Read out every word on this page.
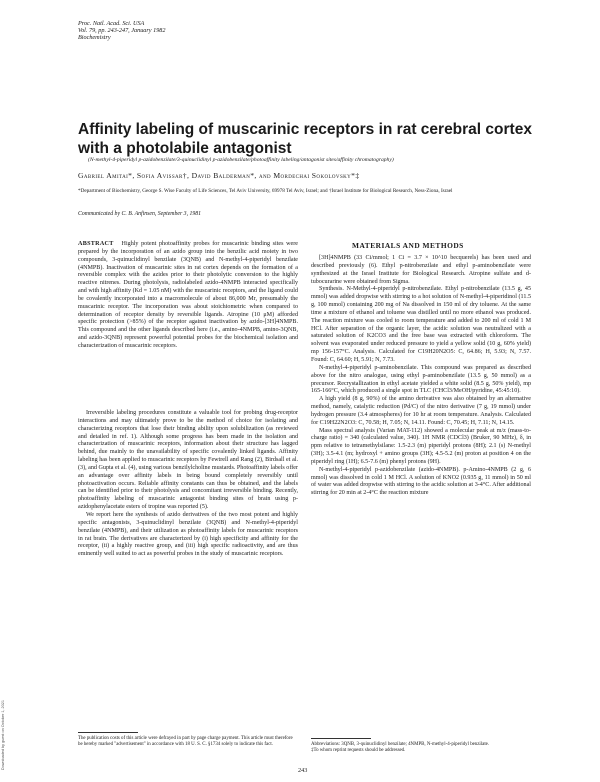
Proc. Natl. Acad. Sci. USA
Vol. 79, pp. 243-247, January 1982
Biochemistry
Affinity labeling of muscarinic receptors in rat cerebral cortex with a photolabile antagonist
(N-methyl-4-piperidyl p-azidobenzilate/3-quinuclidinyl p-azidobenzilate/photoaffinity labeling/antagonist sites/affinity chromatography)
Gabriel Amitai*, Sofia Avissar†, David Balderman*, and Mordechai Sokolovsky*‡
*Department of Biochemistry, George S. Wise Faculty of Life Sciences, Tel Aviv University, 69978 Tel Aviv, Israel; and †Israel Institute for Biological Research, Ness-Ziona, Israel
Communicated by C. B. Anfinsen, September 3, 1981

ABSTRACT Highly potent photoaffinity probes for muscarinic binding sites were prepared by the incorporation of an azido group into the benzilic acid moiety in two compounds, 3-quinuclidinyl benzilate (3QNB) and N-methyl-4-piperidyl benzilate (4NMPB). Inactivation of muscarinic sites in rat cortex depends on the formation of a reversible complex with the azides prior to their photolytic conversion to the highly reactive nitrenes. During photolysis, radiolabeled azido-4NMPB interacted specifically and with high affinity (Kd = 1.05 nM) with the muscarinic receptors, and the ligand could be covalently incorporated into a macromolecule of about 86,000 Mr, presumably the muscarinic receptor. The incorporation was about stoichiometric when compared to determination of receptor density by reversible ligands. Atropine (10 μM) afforded specific protection (>85%) of the receptor against inactivation by azido-[3H]4NMPB. This compound and the other ligands described here (i.e., amino-4NMPB, amino-3QNB, and azido-3QNB) represent powerful potential probes for the biochemical isolation and characterization of muscarinic receptors.

Irreversible labeling procedures constitute a valuable tool for probing drug-receptor interactions and may ultimately prove to be the method of choice for isolating and characterizing receptors that lose their binding ability upon solubilization (as reviewed and detailed in ref. 1). Although some progress has been made in the isolation and characterization of muscarinic receptors, information about their structure has lagged behind, due mainly to the unavailability of specific covalently linked ligands. Affinity labeling has been applied to muscarinic receptors by Fewtrell and Rang (2), Birdsall et al. (3), and Gupta et al. (4), using various benzilylcholine mustards. Photoaffinity labels offer an advantage over affinity labels in being bound completely reversibly until photoactivation occurs. Reliable affinity constants can thus be obtained, and the labels can be identified prior to their photolysis and concomitant irreversible binding. Recently, photoaffinity labeling of muscarinic antagonist binding sites of brain using p-azidophenylacetate esters of tropine was reported (5).

We report here the synthesis of azido derivatives of the two most potent and highly specific antagonists, 3-quinuclidinyl benzilate (3QNB) and N-methyl-4-piperidyl benzilate (4NMPB), and their utilization as photoaffinity labels for muscarinic receptors in rat brain. The derivatives are characterized by (i) high specificity and affinity for the receptor, (ii) a highly reactive group, and (iii) high specific radioactivity, and are thus eminently well suited to act as powerful probes in the study of muscarinic receptors.

The publication costs of this article were defrayed in part by page charge payment. This article must therefore be hereby marked "advertisement" in accordance with 18 U. S. C. §1734 solely to indicate this fact.
MATERIALS AND METHODS

[3H]4NMPB (33 Ci/mmol; 1 Ci = 3.7 × 10^10 becquerels) has been used and described previously (6). Ethyl p-nitrobenzilate and ethyl p-aminobenzilate were synthesized at the Israel Institute for Biological Research. Atropine sulfate and d-tubocurarine were obtained from Sigma.

Synthesis. N-Methyl-4-piperidyl p-nitrobenzilate. Ethyl p-nitrobenzilate (13.5 g, 45 mmol) was added dropwise with stirring to a hot solution of N-methyl-4-piperidinol (11.5 g, 100 mmol) containing 200 mg of Na dissolved in 150 ml of dry toluene. At the same time a mixture of ethanol and toluene was distilled until no more ethanol was produced. The reaction mixture was cooled to room temperature and added to 200 ml of cold 1 M HCl. After separation of the organic layer, the acidic solution was neutralized with a saturated solution of K2CO3 and the free base was extracted with chloroform. The solvent was evaporated under reduced pressure to yield a yellow solid (10 g, 60% yield) mp 156-157°C. Analysis. Calculated for C19H20N2O5: C, 64.86; H, 5.93; N, 7.57. Found: C, 64.60; H, 5.91; N, 7.73.

N-methyl-4-piperidyl p-aminobenzilate. This compound was prepared as described above for the nitro analogue, using ethyl p-aminobenzilate (13.5 g, 50 mmol) as a precursor. Recrystallization in ethyl acetate yielded a white solid (8.5 g, 50% yield), mp 165-166°C, which produced a single spot in TLC (CHCl3/MeOH/pyridine, 45:45:10).

A high yield (8 g, 90%) of the amino derivative was also obtained by an alternative method, namely, catalytic reduction (Pd/C) of the nitro derivative (7 g, 19 mmol) under hydrogen pressure (3.4 atmospheres) for 10 hr at room temperature. Analysis. Calculated for C19H22N2O3: C, 70.58; H, 7.05; N, 14.11. Found: C, 70.45; H, 7.11; N, 14.15.

Mass spectral analysis (Varian MAT-112) showed a molecular peak at m/z (mass-to-charge ratio) = 340 (calculated value, 340). 1H NMR (CDCl3) (Bruker, 90 MHz), δ, in ppm relative to tetramethylsilane: 1.5-2.3 (m) piperidyl protons (8H); 2.1 (s) N-methyl (3H); 3.5-4.1 (m; hydroxyl + amino groups (3H); 4.5-5.2 (m) proton at position 4 on the piperidyl ring (1H); 6.5-7.6 (m) phenyl protons (9H).

N-methyl-4-piperidyl p-azidobenzilate (azido-4NMPB). p-Amino-4NMPB (2 g, 6 mmol) was dissolved in cold 1 M HCl. A solution of KNO2 (0.935 g, 11 mmol) in 50 ml of water was added dropwise with stirring to the acidic solution at 3-4°C. After additional stirring for 20 min at 2-4°C the reaction mixture

Abbreviations: 3QNB, 3-quinuclidinyl benzilate; 4NMPB, N-methyl-4-piperidyl benzilate.
‡To whom reprint requests should be addressed.
243
Downloaded by guest on October 1, 2021
